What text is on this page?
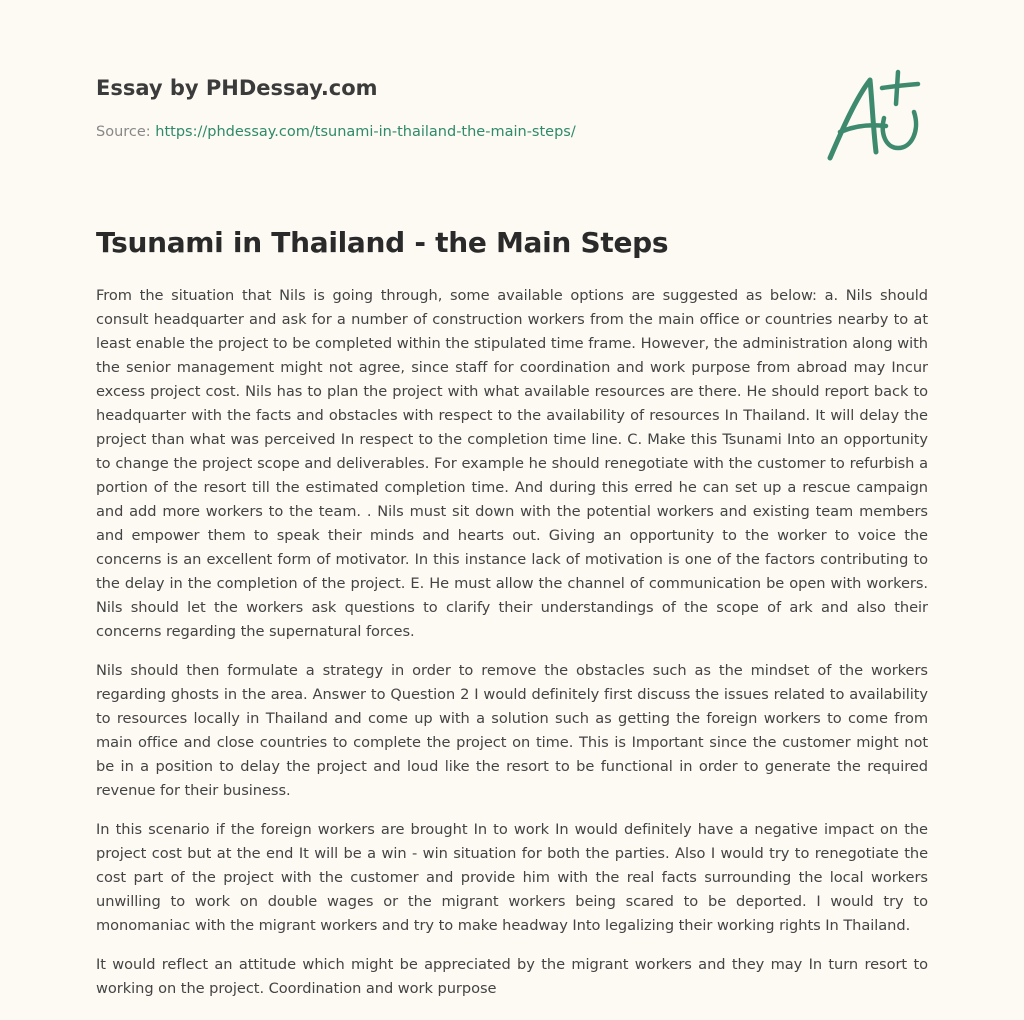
Essay by PHDessay.com
Source: https://phdessay.com/tsunami-in-thailand-the-main-steps/
Tsunami in Thailand - the Main Steps

From the situation that Nils is going through, some available options are suggested as below: a. Nils should consult headquarter and ask for a number of construction workers from the main office or countries nearby to at least enable the project to be completed within the stipulated time frame. However, the administration along with the senior management might not agree, since staff for coordination and work purpose from abroad may Incur excess project cost. Nils has to plan the project with what available resources are there. He should report back to headquarter with the facts and obstacles with respect to the availability of resources In Thailand. It will delay the project than what was perceived In respect to the completion time line. C. Make this Tsunami Into an opportunity to change the project scope and deliverables. For example he should renegotiate with the customer to refurbish a portion of the resort till the estimated completion time. And during this erred he can set up a rescue campaign and add more workers to the team. . Nils must sit down with the potential workers and existing team members and empower them to speak their minds and hearts out. Giving an opportunity to the worker to voice the concerns is an excellent form of motivator. In this instance lack of motivation is one of the factors contributing to the delay in the completion of the project. E. He must allow the channel of communication be open with workers. Nils should let the workers ask questions to clarify their understandings of the scope of ark and also their concerns regarding the supernatural forces.

Nils should then formulate a strategy in order to remove the obstacles such as the mindset of the workers regarding ghosts in the area. Answer to Question 2 I would definitely first discuss the issues related to availability to resources locally in Thailand and come up with a solution such as getting the foreign workers to come from main office and close countries to complete the project on time. This is Important since the customer might not be in a position to delay the project and loud like the resort to be functional in order to generate the required revenue for their business.

In this scenario if the foreign workers are brought In to work In would definitely have a negative impact on the project cost but at the end It will be a win - win situation for both the parties. Also I would try to renegotiate the cost part of the project with the customer and provide him with the real facts surrounding the local workers unwilling to work on double wages or the migrant workers being scared to be deported. I would try to monomaniac with the migrant workers and try to make headway Into legalizing their working rights In Thailand.

It would reflect an attitude which might be appreciated by the migrant workers and they may In turn resort to working on the project. Coordination and work purpose
